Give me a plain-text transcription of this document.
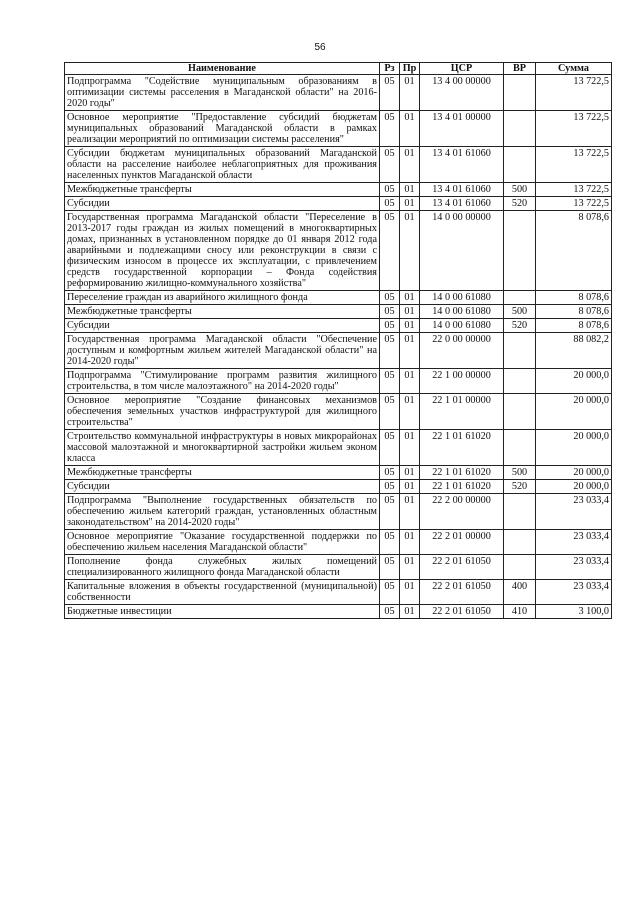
56
Наименование	Рз	Пр	ЦСР	ВР	Сумма
Подпрограмма "Содействие муниципальным образованиям в оптимизации системы расселения в Магаданской области" на 2016-2020 годы"	05	01	13 4 00 00000		13 722,5
Основное мероприятие "Предоставление субсидий бюджетам муниципальных образований Магаданской области в рамках реализации мероприятий по оптимизации системы расселения"	05	01	13 4 01 00000		13 722,5
Субсидии бюджетам муниципальных образований Магаданской области на расселение наиболее неблагоприятных для проживания населенных пунктов Магаданской области	05	01	13 4 01 61060		13 722,5
Межбюджетные трансферты	05	01	13 4 01 61060	500	13 722,5
Субсидии	05	01	13 4 01 61060	520	13 722,5
Государственная программа Магаданской области "Переселение в 2013-2017 годы граждан из жилых помещений в многоквартирных домах, признанных в установленном порядке до 01 января 2012 года аварийными и подлежащими сносу или реконструкции в связи с физическим износом в процессе их эксплуатации, с привлечением средств государственной корпорации – Фонда содействия реформированию жилищно-коммунального хозяйства"	05	01	14 0 00 00000		8 078,6
Переселение граждан из аварийного жилищного фонда	05	01	14 0 00 61080		8 078,6
Межбюджетные трансферты	05	01	14 0 00 61080	500	8 078,6
Субсидии	05	01	14 0 00 61080	520	8 078,6
Государственная программа Магаданской области "Обеспечение доступным и комфортным жильем жителей Магаданской области" на 2014-2020 годы"	05	01	22 0 00 00000		88 082,2
Подпрограмма "Стимулирование программ развития жилищного строительства, в том числе малоэтажного" на 2014-2020 годы"	05	01	22 1 00 00000		20 000,0
Основное мероприятие "Создание финансовых механизмов обеспечения земельных участков инфраструктурой для жилищного строительства"	05	01	22 1 01 00000		20 000,0
Строительство коммунальной инфраструктуры в новых микрорайонах массовой малоэтажной и многоквартирной застройки жильем эконом класса	05	01	22 1 01 61020		20 000,0
Межбюджетные трансферты	05	01	22 1 01 61020	500	20 000,0
Субсидии	05	01	22 1 01 61020	520	20 000,0
Подпрограмма "Выполнение государственных обязательств по обеспечению жильем категорий граждан, установленных областным законодательством" на 2014-2020 годы"	05	01	22 2 00 00000		23 033,4
Основное мероприятие "Оказание государственной поддержки по обеспечению жильем населения Магаданской области"	05	01	22 2 01 00000		23 033,4
Пополнение фонда служебных жилых помещений специализированного жилищного фонда Магаданской области	05	01	22 2 01 61050		23 033,4
Капитальные вложения в объекты государственной (муниципальной) собственности	05	01	22 2 01 61050	400	23 033,4
Бюджетные инвестиции	05	01	22 2 01 61050	410	3 100,0
